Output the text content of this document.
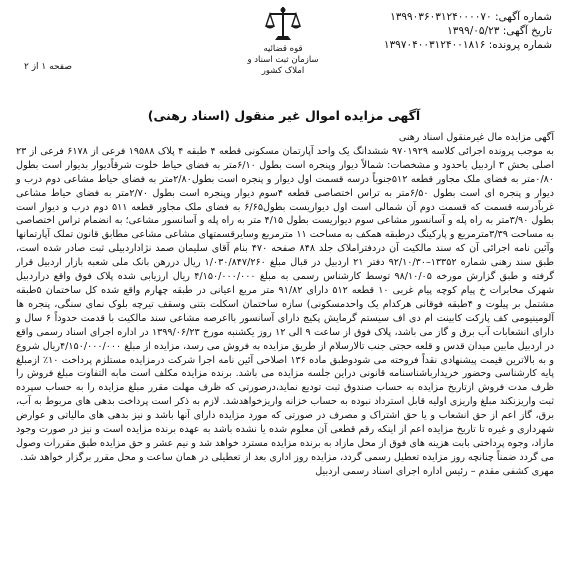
شماره آگهی: ۱۳۹۹۰۳۶۰۳۱۲۴۰۰۰۰۷۰
تاریخ آگهی: ۱۳۹۹/۰۵/۲۳
شماره پرونده: ۱۳۹۷۰۴۰۰۳۱۲۴۰۰۱۸۱۶
قوه قضائیه
سازمان ثبت اسناد و املاک کشور
صفحه ۱ از ۲
آگهی مزایده اموال غیر منقول (اسناد رهنی)

آگهی مزایده مال غیرمنقول اسناد رهنی

به موجب پرونده اجرائی کلاسه ۹۷۰۱۹۲۹ ششدانگ یک واحد آپارتمان مسکونی قطعه ۴ طبقه ۴ پلاک ۱۹۵۸۸ فرعی از ۶۱۷۸ فرعی از ۲۳ اصلی بخش ۳ اردبیل باحدود و مشخصات: شمالاً دیوار وپنجره است بطول ۶/۱۰متر به فضای حیاط خلوت شرقاًدیوار بدیوار است بطول ۰/۸۰متر به فضای ملک مجاور قطعه ۵۱۲جنوباً درسه قسمت اول دیوار و پنجره است بطول۲/۸۰متر به فضای حیاط مشاعی دوم درب و دیوار و پنجره ای است بطول ۶/۵۰متر به تراس اختصاصی قطعه ۴سوم دیوار وپنجره است بطول ۲/۷۰متر به فضای حیاط مشاعی غرباًدرسه قسمت که قسمت دوم آن شمالی است اول دیواریست بطول۶/۶۵ به فضای ملک مجاور قطعه ۵۱۱ دوم درب و دیوار است بطول ۳/۹۰متر به راه پله و آسانسور مشاعی سوم دیواریست بطول ۴/۱۵ متر به راه پله و آسانسور مشاعی؛ به انضمام تراس اختصاصی به مساحت ۳/۳۹مترمربع و پارکینگ درطبقه همکف به مساحت ۱۱ مترمربع وسایرقسمتهای مشاعی مشاعی مطابق قانون تملک آپارتمانها وآئین نامه اجرائی آن که سند مالکیت آن دردفتراملاک جلد ۸۴۸ صفحه ۴۷۰ بنام آقای سلیمان صمد نژاداردبیلی ثبت صادر شده است، طبق سند رهنی شماره ۱۳۳۵۲–۹۲/۱۰/۳۰ دفتر ۲۱ اردبیل در قبال مبلغ ۱/۰۳۰/۸۴۷/۲۶۰ ریال دررهن بانک ملی شعبه بازار اردبیل قرار گرفته و طبق گزارش مورخه ۹۸/۱۰/۰۵ توسط کارشناس رسمی به مبلغ ۴/۱۵۰/۰۰۰/۰۰۰ ریال ارزیابی شده پلاک فوق واقع دراردبیل شهرک مخابرات خ پیام کوچه پیام غربی ۱۰ قطعه ۵۱۲ دارای ۹۱/۸۲ متر مربع اعیانی در طبقه چهارم واقع شده کل ساختمان ۵طبقه مشتمل بر پیلوت و ۴طبقه فوقانی هرکدام یک واحدمسکونی) سازه ساختمان اسکلت بتنی وسقف تیرچه بلوک نمای سنگی، پنجره ها آلومینیومی کف پارکت کابینت ام دی اف سیستم گرمایش پکیج دارای آسانسور بااعرصه مشاعی سند مالکیت با قدمت حدوداً ۶ سال و دارای انشعابات آب برق و گاز می باشد، پلاک فوق از ساعت ۹ الی ۱۲ روز یکشنبه مورخ ۱۳۹۹/۰۶/۲۳ در اداره اجرای اسناد رسمی واقع در اردبیل مابین میدان قدس و قلعه حجتی جنب تالارسلام از طریق مزایده به فروش می رسد، مزایده از مبلغ ۴/۱۵۰/۰۰۰/۰۰۰ریال شروع و به بالاترین قیمت پیشنهادی نقداً فروخته می شودوطبق ماده ۱۳۶ اصلاحی آئین نامه اجرا شرکت درمزایده مستلزم پرداخت ۱۰٪ ازمبلغ پایه کارشناسی وحضور خریدارباشناسنامه قانونی دراین جلسه مزایده می باشد. برنده مزایده مکلف است مابه التفاوت مبلغ فروش را ظرف مدت فروش ازتاریخ مزایده به حساب صندوق ثبت تودیع نماید،درصورتی که ظرف مهلت مقرر مبلغ مزایده را به حساب سپرده ثبت واریزنکند مبلغ واریزی اولیه قابل استرداد نبوده به حساب خزانه واریزخواهدشد. لازم به ذکر است پرداخت بدهی های مربوط به آب، برق، گاز اعم از حق انشعاب و یا حق اشتراک و مصرف در صورتی که مورد مزایده دارای آنها باشد و نیز بدهی های مالیاتی و عوارض شهرداری و غیره تا تاریخ مزایده اعم از اینکه رقم قطعی آن معلوم شده یا نشده باشد به عهده برنده مزایده است و نیز در صورت وجود مازاد، وجوه پرداختی بابت هزینه های فوق از محل مازاد به برنده مزایده مسترد خواهد شد و نیم عشر و حق مزایده طبق مقررات وصول می گردد ضمناً چنانچه روز مزایده تعطیل رسمی گردد، مزایده روز اداری بعد از تعطیلی در همان ساعت و محل مقرر برگزار خواهد شد.

مهری کشفی مقدم – رئیس اداره اجرای اسناد رسمی اردبیل
